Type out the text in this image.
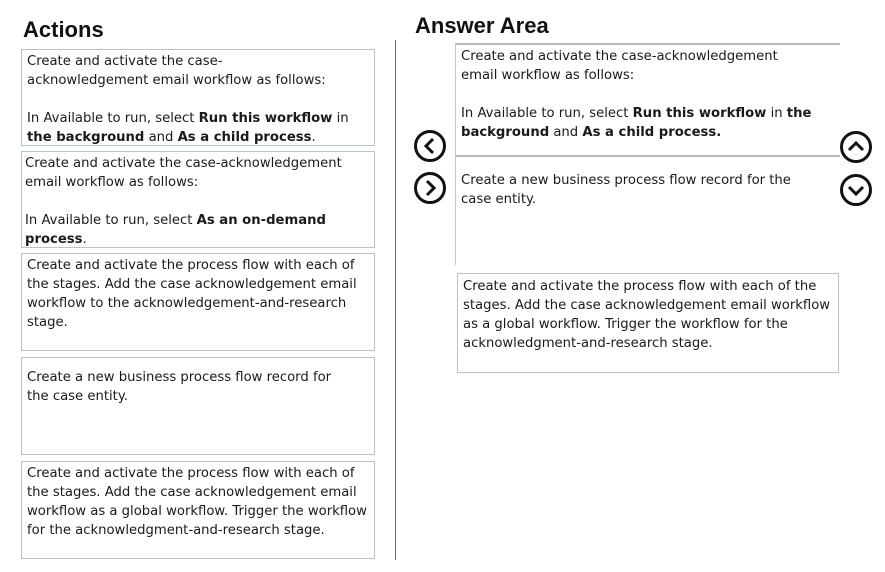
Actions	Answer Area

Create and activate the case-acknowledgement email workflow as follows:

In Available to run, select Run this workflow in the background and As a child process.

Create and activate the case-acknowledgement email workflow as follows:

In Available to run, select As an on-demand process.

Create and activate the process flow with each of the stages. Add the case acknowledgement email workflow to the acknowledgement-and-research stage.

Create a new business process flow record for the case entity.

Create and activate the process flow with each of the stages. Add the case acknowledgement email workflow as a global workflow. Trigger the workflow for the acknowledgment-and-research stage.

Create and activate the case-acknowledgement email workflow as follows:

In Available to run, select Run this workflow in the background and As a child process.

Create a new business process flow record for the case entity.

Create and activate the process flow with each of the stages. Add the case acknowledgement email workflow as a global workflow. Trigger the workflow for the acknowledgment-and-research stage.
